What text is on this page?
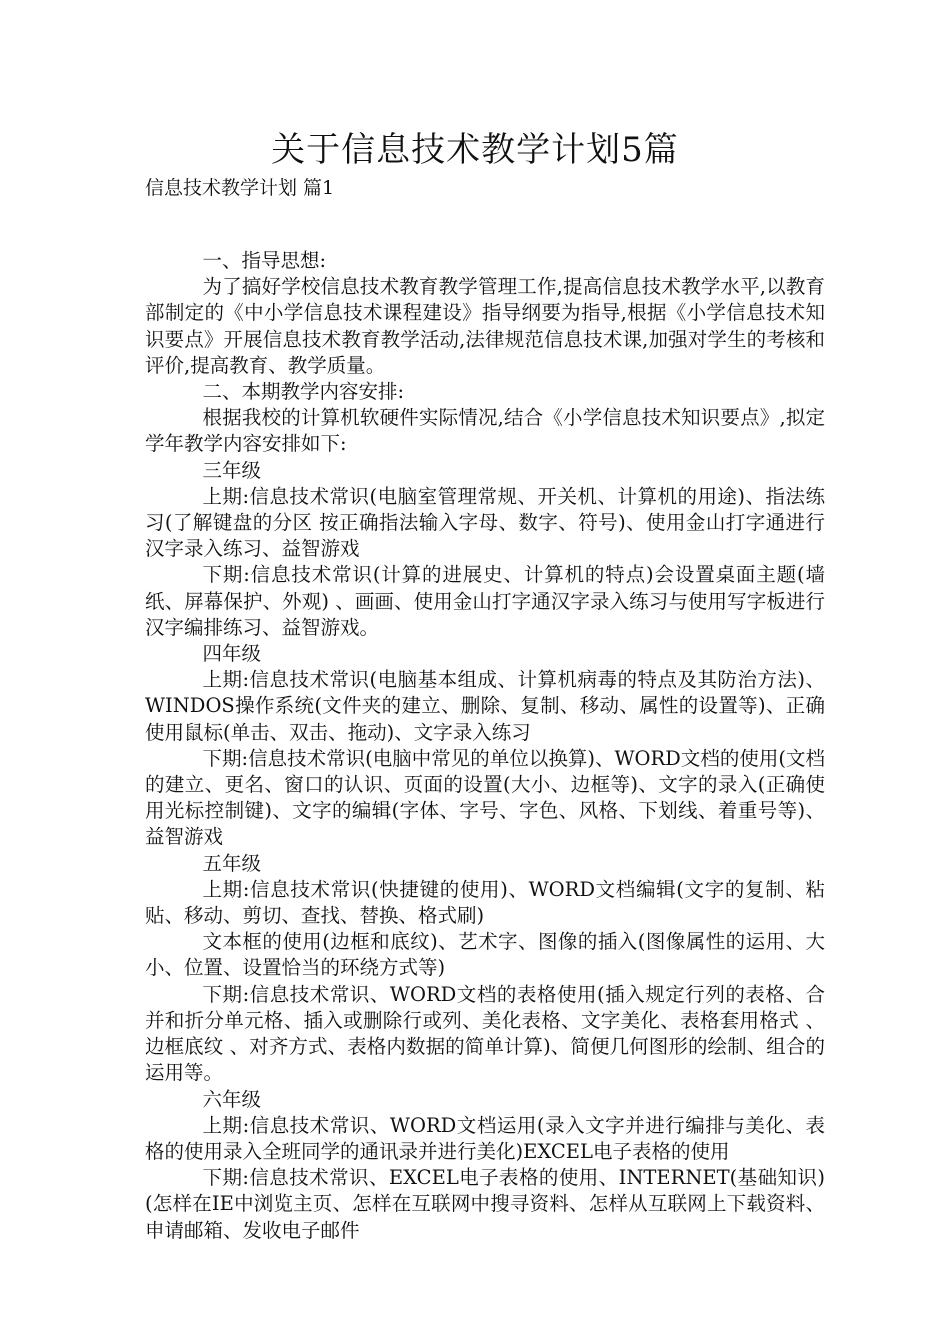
关于信息技术教学计划5篇
信息技术教学计划 篇1

一、指导思想:

为了搞好学校信息技术教育教学管理工作,提高信息技术教学水平,以教育部制定的《中小学信息技术课程建设》指导纲要为指导,根据《小学信息技术知识要点》开展信息技术教育教学活动,法律规范信息技术课,加强对学生的考核和评价,提高教育、教学质量。

二、本期教学内容安排:

根据我校的计算机软硬件实际情况,结合《小学信息技术知识要点》,拟定学年教学内容安排如下:

三年级

上期:信息技术常识(电脑室管理常规、开关机、计算机的用途)、指法练习(了解键盘的分区 按正确指法输入字母、数字、符号)、使用金山打字通进行汉字录入练习、益智游戏

下期:信息技术常识(计算的进展史、计算机的特点)会设置桌面主题(墙纸、屏幕保护、外观) 、画画、使用金山打字通汉字录入练习与使用写字板进行汉字编排练习、益智游戏。

四年级

上期:信息技术常识(电脑基本组成、计算机病毒的特点及其防治方法)、WINDOS操作系统(文件夹的建立、删除、复制、移动、属性的设置等)、正确使用鼠标(单击、双击、拖动)、文字录入练习

下期:信息技术常识(电脑中常见的单位以换算)、WORD文档的使用(文档的建立、更名、窗口的认识、页面的设置(大小、边框等)、文字的录入(正确使用光标控制键)、文字的编辑(字体、字号、字色、风格、下划线、着重号等)、益智游戏

五年级

上期:信息技术常识(快捷键的使用)、WORD文档编辑(文字的复制、粘贴、移动、剪切、查找、替换、格式刷)

文本框的使用(边框和底纹)、艺术字、图像的插入(图像属性的运用、大小、位置、设置恰当的环绕方式等)

下期:信息技术常识、WORD文档的表格使用(插入规定行列的表格、合并和折分单元格、插入或删除行或列、美化表格、文字美化、表格套用格式 、边框底纹 、对齐方式、表格内数据的简单计算)、简便几何图形的绘制、组合的运用等。

六年级

上期:信息技术常识、WORD文档运用(录入文字并进行编排与美化、表格的使用录入全班同学的通讯录并进行美化)EXCEL电子表格的使用

下期:信息技术常识、EXCEL电子表格的使用、INTERNET(基础知识)(怎样在IE中浏览主页、怎样在互联网中搜寻资料、怎样从互联网上下载资料、申请邮箱、发收电子邮件
